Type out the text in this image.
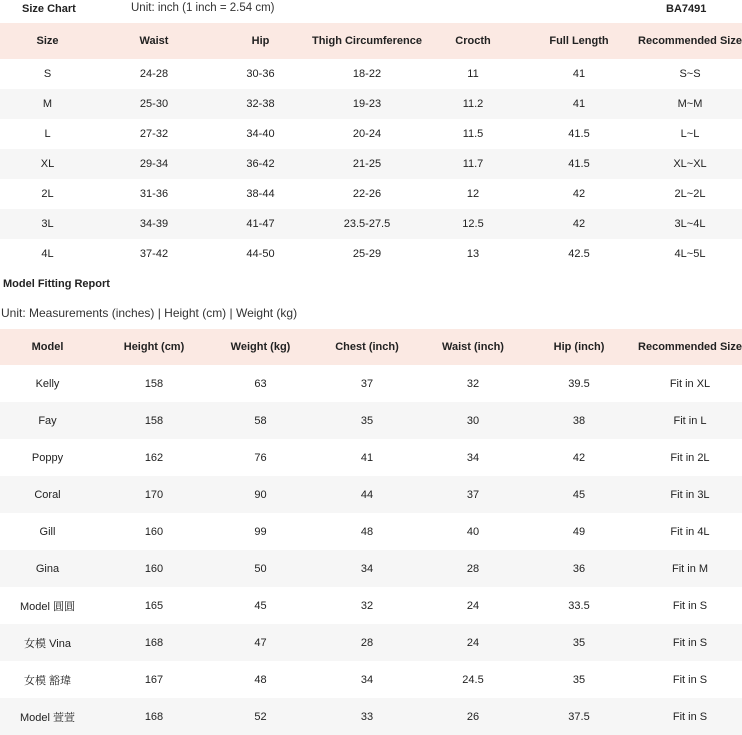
Size Chart	Unit: inch (1 inch = 2.54 cm)	BA7491
Size	Waist	Hip	Thigh Circumference	Crocth	Full Length	Recommended Size
S	24-28	30-36	18-22	11	41	S~S
M	25-30	32-38	19-23	11.2	41	M~M
L	27-32	34-40	20-24	11.5	41.5	L~L
XL	29-34	36-42	21-25	11.7	41.5	XL~XL
2L	31-36	38-44	22-26	12	42	2L~2L
3L	34-39	41-47	23.5-27.5	12.5	42	3L~4L
4L	37-42	44-50	25-29	13	42.5	4L~5L
Model Fitting Report
Unit: Measurements (inches) | Height (cm) | Weight (kg)
Model	Height (cm)	Weight (kg)	Chest (inch)	Waist (inch)	Hip (inch)	Recommended Size
Kelly	158	63	37	32	39.5	Fit in XL
Fay	158	58	35	30	38	Fit in L
Poppy	162	76	41	34	42	Fit in 2L
Coral	170	90	44	37	45	Fit in 3L
Gill	160	99	48	40	49	Fit in 4L
Gina	160	50	34	28	36	Fit in M
Model 圓圓	165	45	32	24	33.5	Fit in S
女模 Vina	168	47	28	24	35	Fit in S
女模 豁瑋	167	48	34	24.5	35	Fit in S
Model 萱萱	168	52	33	26	37.5	Fit in S
